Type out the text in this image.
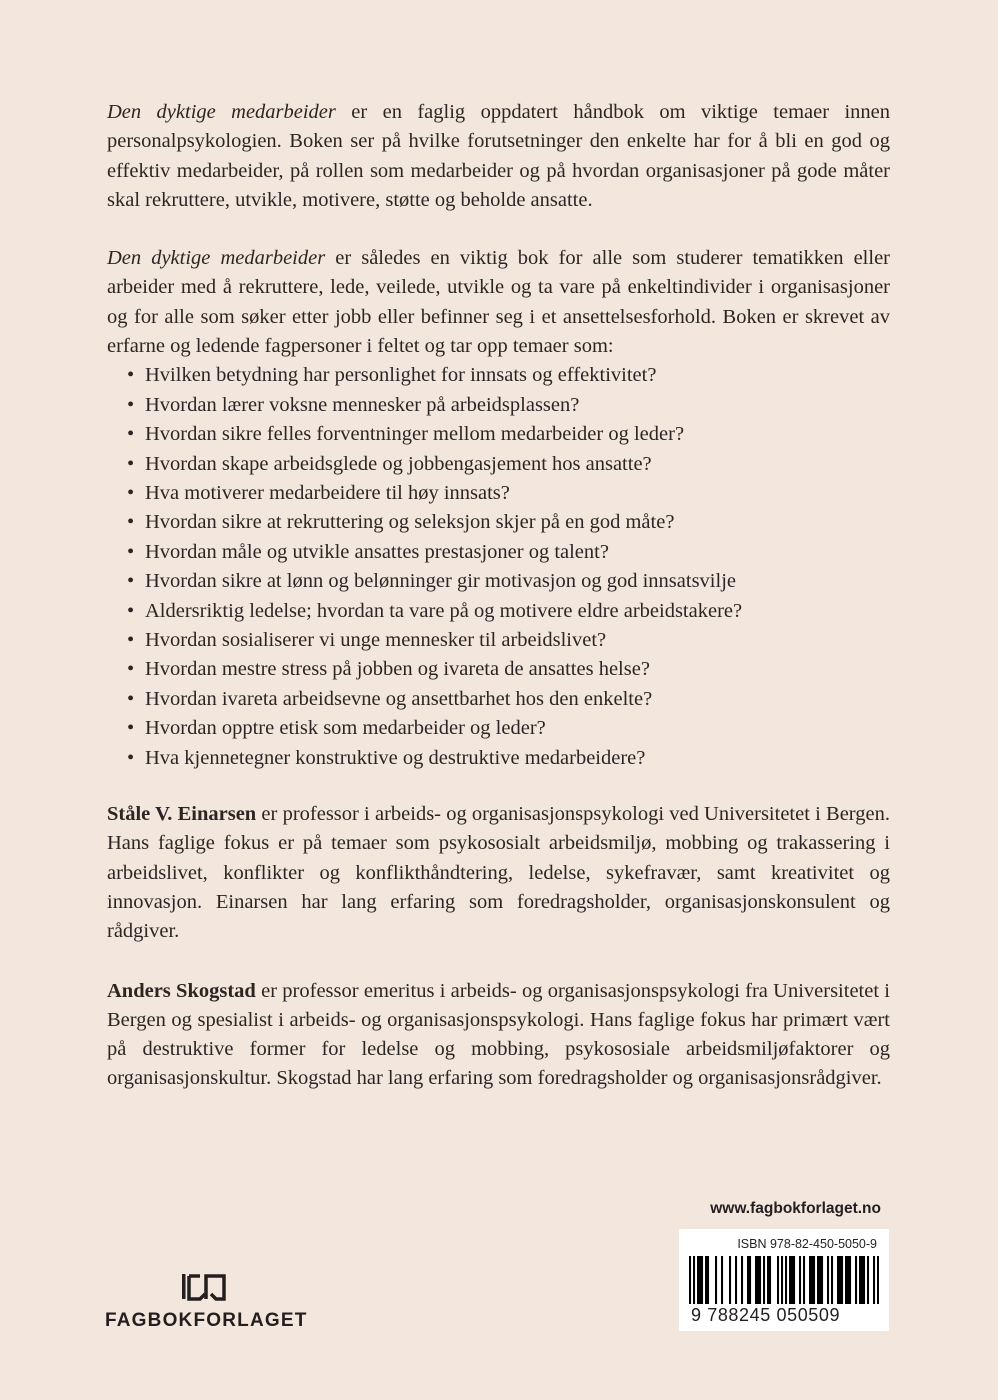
Den dyktige medarbeider er en faglig oppdatert håndbok om viktige temaer innen personalpsykologien. Boken ser på hvilke forutsetninger den enkelte har for å bli en god og effektiv medarbeider, på rollen som medarbeider og på hvordan organisasjoner på gode måter skal rekruttere, utvikle, motivere, støtte og beholde ansatte.

Den dyktige medarbeider er således en viktig bok for alle som studerer tematikken eller arbeider med å rekruttere, lede, veilede, utvikle og ta vare på enkeltindivider i organisasjoner og for alle som søker etter jobb eller befinner seg i et ansettelsesforhold. Boken er skrevet av erfarne og ledende fagpersoner i feltet og tar opp temaer som:

• Hvilken betydning har personlighet for innsats og effektivitet?
• Hvordan lærer voksne mennesker på arbeidsplassen?
• Hvordan sikre felles forventninger mellom medarbeider og leder?
• Hvordan skape arbeidsglede og jobbengasjement hos ansatte?
• Hva motiverer medarbeidere til høy innsats?
• Hvordan sikre at rekruttering og seleksjon skjer på en god måte?
• Hvordan måle og utvikle ansattes prestasjoner og talent?
• Hvordan sikre at lønn og belønninger gir motivasjon og god innsatsvilje
• Aldersriktig ledelse; hvordan ta vare på og motivere eldre arbeidstakere?
• Hvordan sosialiserer vi unge mennesker til arbeidslivet?
• Hvordan mestre stress på jobben og ivareta de ansattes helse?
• Hvordan ivareta arbeidsevne og ansettbarhet hos den enkelte?
• Hvordan opptre etisk som medarbeider og leder?
• Hva kjennetegner konstruktive og destruktive medarbeidere?

Ståle V. Einarsen er professor i arbeids- og organisasjonspsykologi ved Universitetet i Bergen. Hans faglige fokus er på temaer som psykososialt arbeidsmiljø, mobbing og trakassering i arbeidslivet, konflikter og konflikthåndtering, ledelse, sykefravær, samt kreativitet og innovasjon. Einarsen har lang erfaring som foredragsholder, organisasjonskonsulent og rådgiver.

Anders Skogstad er professor emeritus i arbeids- og organisasjonspsykologi fra Universitetet i Bergen og spesialist i arbeids- og organisasjonspsykologi. Hans faglige fokus har primært vært på destruktive former for ledelse og mobbing, psykososiale arbeidsmiljøfaktorer og organisasjonskultur. Skogstad har lang erfaring som foredragsholder og organisasjonsrådgiver.

www.fagbokforlaget.no
ISBN 978-82-450-5050-9
9 788245 050509
FAGBOKFORLAGET
